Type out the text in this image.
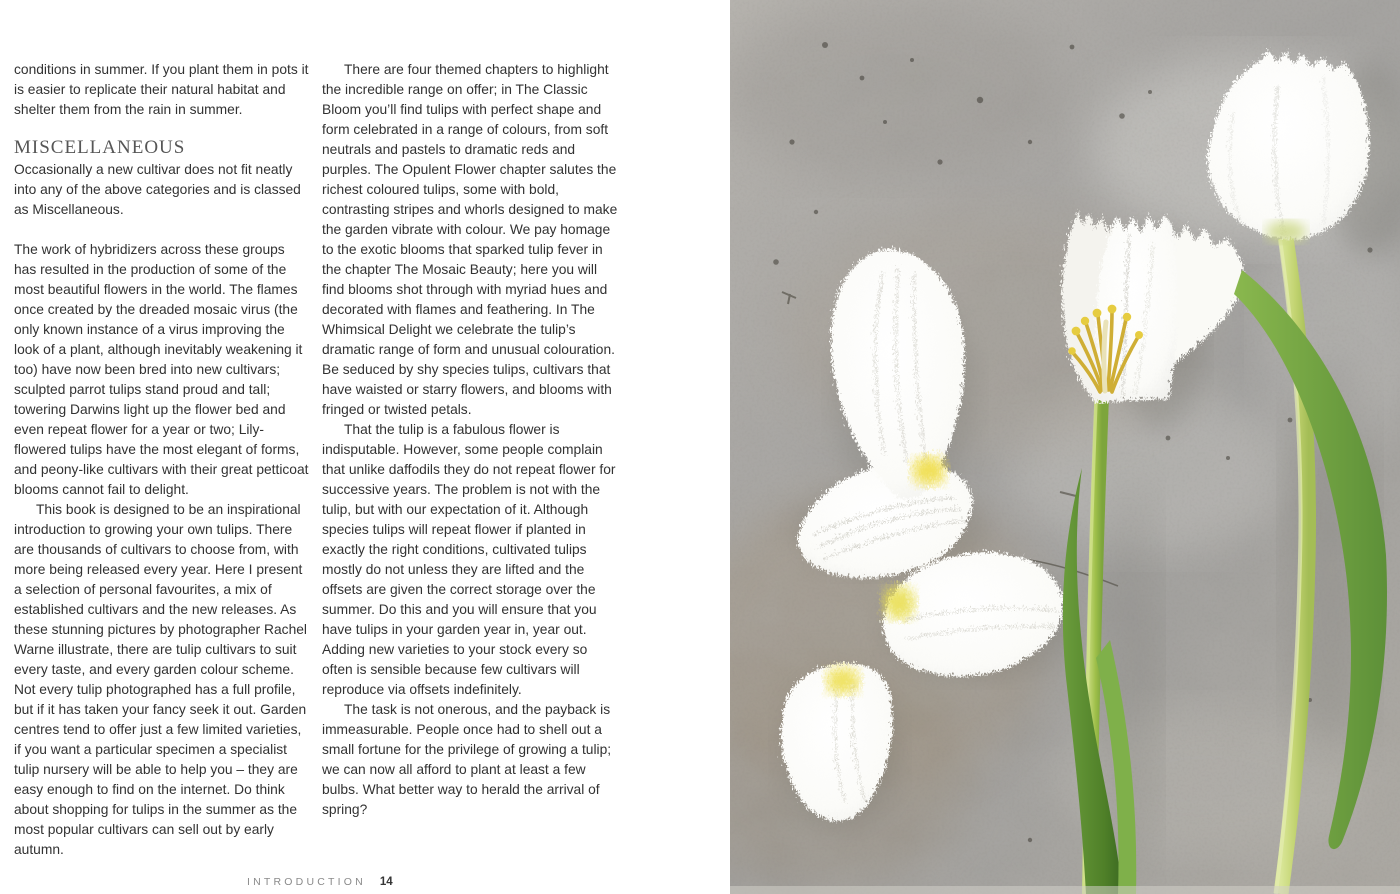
conditions in summer. If you plant them in pots it is easier to replicate their natural habitat and shelter them from the rain in summer.

MISCELLANEOUS

Occasionally a new cultivar does not fit neatly into any of the above categories and is classed as Miscellaneous.

The work of hybridizers across these groups has resulted in the production of some of the most beautiful flowers in the world. The flames once created by the dreaded mosaic virus (the only known instance of a virus improving the look of a plant, although inevitably weakening it too) have now been bred into new cultivars; sculpted parrot tulips stand proud and tall; towering Darwins light up the flower bed and even repeat flower for a year or two; Lily-flowered tulips have the most elegant of forms, and peony-like cultivars with their great petticoat blooms cannot fail to delight.

This book is designed to be an inspirational introduction to growing your own tulips. There are thousands of cultivars to choose from, with more being released every year. Here I present a selection of personal favourites, a mix of established cultivars and the new releases. As these stunning pictures by photographer Rachel Warne illustrate, there are tulip cultivars to suit every taste, and every garden colour scheme. Not every tulip photographed has a full profile, but if it has taken your fancy seek it out. Garden centres tend to offer just a few limited varieties, if you want a particular specimen a specialist tulip nursery will be able to help you – they are easy enough to find on the internet. Do think about shopping for tulips in the summer as the most popular cultivars can sell out by early autumn.

There are four themed chapters to highlight the incredible range on offer; in The Classic Bloom you’ll find tulips with perfect shape and form celebrated in a range of colours, from soft neutrals and pastels to dramatic reds and purples. The Opulent Flower chapter salutes the richest coloured tulips, some with bold, contrasting stripes and whorls designed to make the garden vibrate with colour. We pay homage to the exotic blooms that sparked tulip fever in the chapter The Mosaic Beauty; here you will find blooms shot through with myriad hues and decorated with flames and feathering. In The Whimsical Delight we celebrate the tulip’s dramatic range of form and unusual colouration. Be seduced by shy species tulips, cultivars that have waisted or starry flowers, and blooms with fringed or twisted petals.

That the tulip is a fabulous flower is indisputable. However, some people complain that unlike daffodils they do not repeat flower for successive years. The problem is not with the tulip, but with our expectation of it. Although species tulips will repeat flower if planted in exactly the right conditions, cultivated tulips mostly do not unless they are lifted and the offsets are given the correct storage over the summer. Do this and you will ensure that you have tulips in your garden year in, year out. Adding new varieties to your stock every so often is sensible because few cultivars will reproduce via offsets indefinitely.

The task is not onerous, and the payback is immeasurable. People once had to shell out a small fortune for the privilege of growing a tulip; we can now all afford to plant at least a few bulbs. What better way to herald the arrival of spring?

INTRODUCTION 14
